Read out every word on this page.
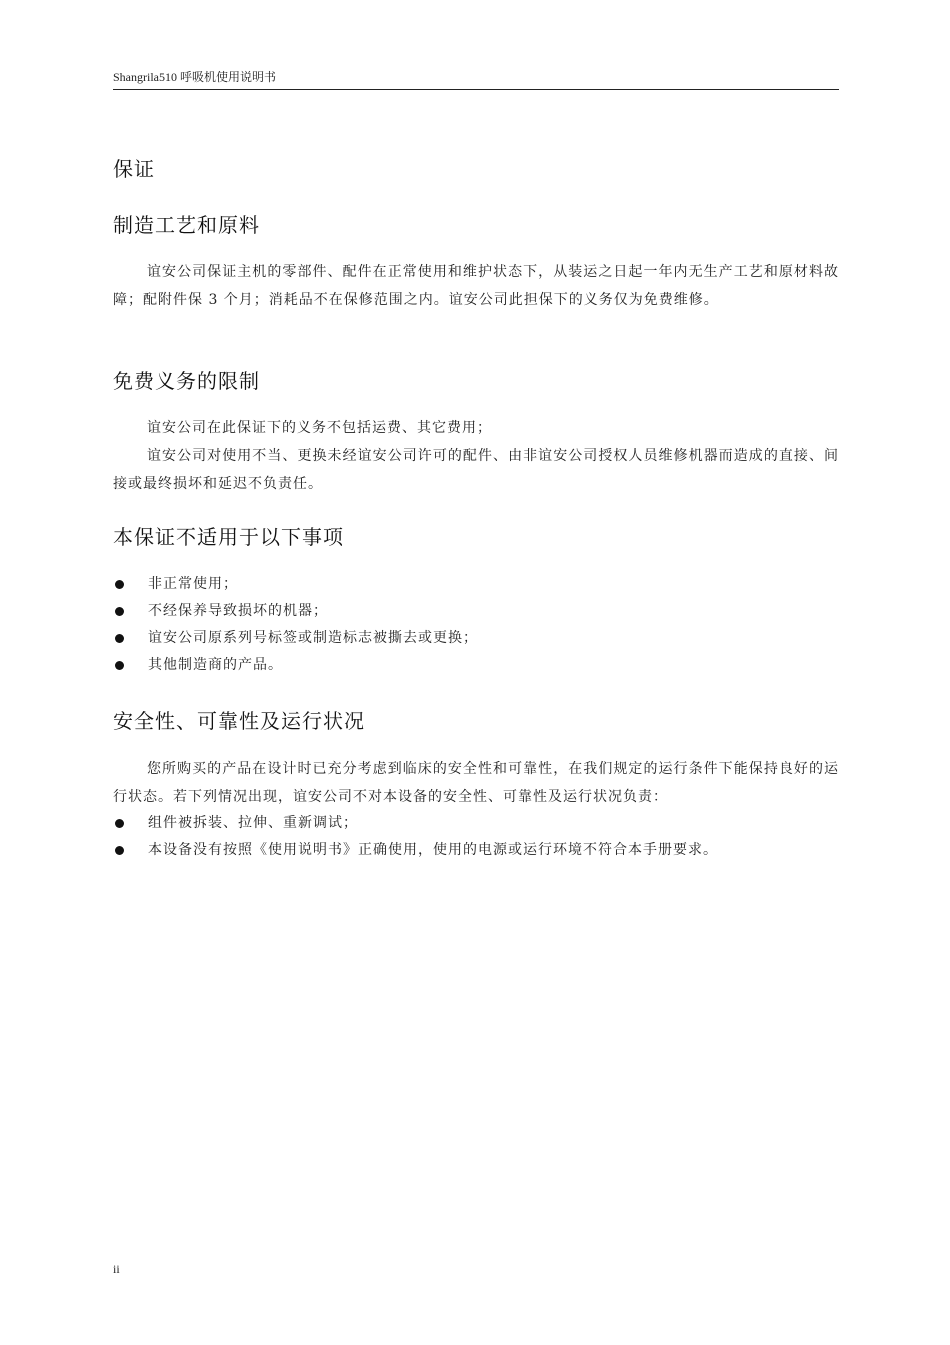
Shangrila510 呼吸机使用说明书
保证
制造工艺和原料
谊安公司保证主机的零部件、配件在正常使用和维护状态下，从装运之日起一年内无生产工艺和原材料故障；配附件保 3 个月；消耗品不在保修范围之内。谊安公司此担保下的义务仅为免费维修。
免费义务的限制
谊安公司在此保证下的义务不包括运费、其它费用；
谊安公司对使用不当、更换未经谊安公司许可的配件、由非谊安公司授权人员维修机器而造成的直接、间接或最终损坏和延迟不负责任。
本保证不适用于以下事项
非正常使用；
不经保养导致损坏的机器；
谊安公司原系列号标签或制造标志被撕去或更换；
其他制造商的产品。
安全性、可靠性及运行状况
您所购买的产品在设计时已充分考虑到临床的安全性和可靠性，在我们规定的运行条件下能保持良好的运行状态。若下列情况出现，谊安公司不对本设备的安全性、可靠性及运行状况负责：
组件被拆装、拉伸、重新调试；
本设备没有按照《使用说明书》正确使用，使用的电源或运行环境不符合本手册要求。
ii
